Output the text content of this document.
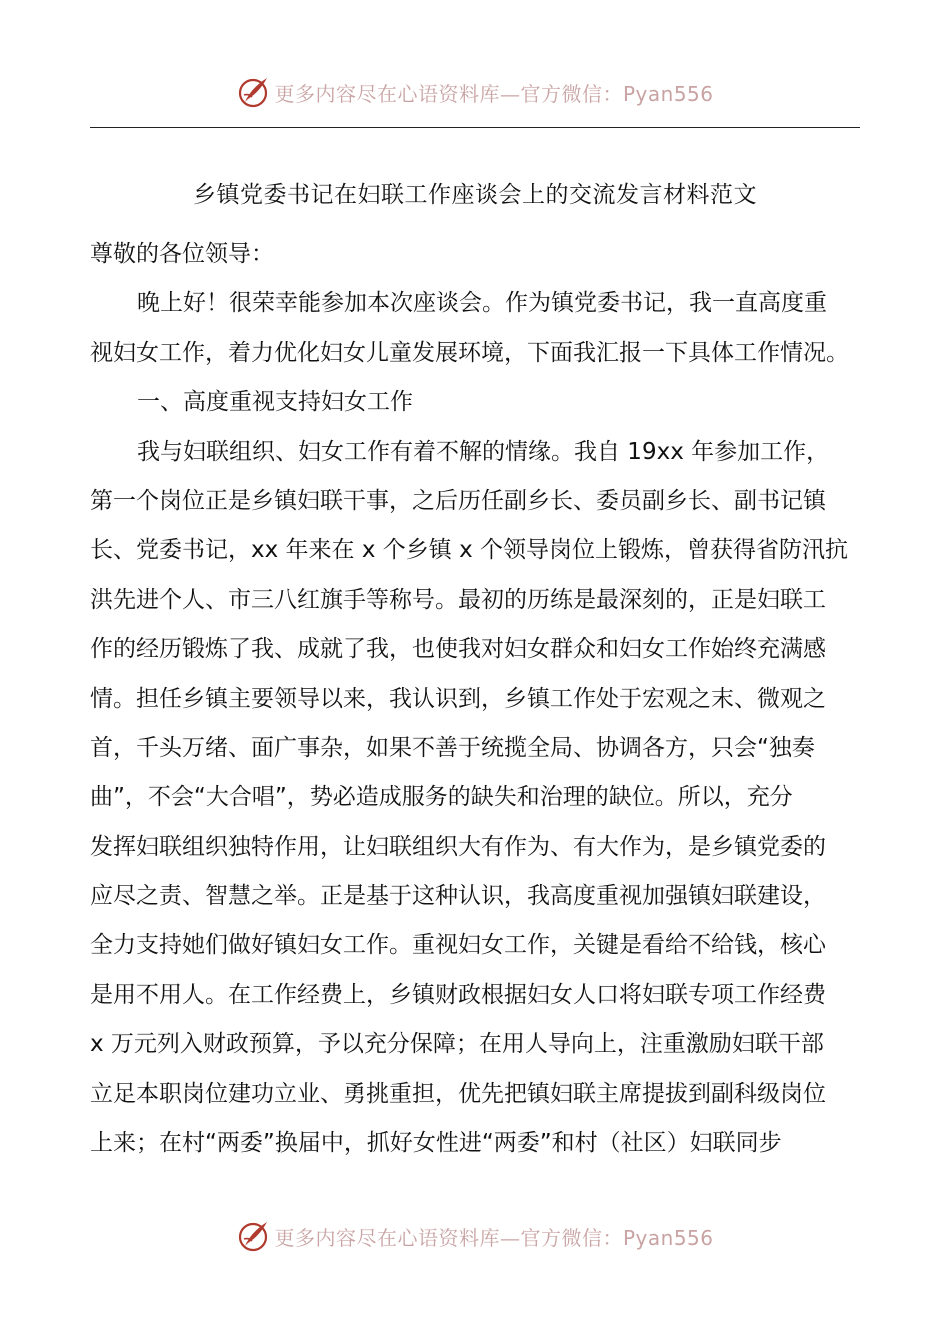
更多内容尽在心语资料库—官方微信：Pyan556
乡镇党委书记在妇联工作座谈会上的交流发言材料范文
尊敬的各位领导：
晚上好！很荣幸能参加本次座谈会。作为镇党委书记，我一直高度重
视妇女工作，着力优化妇女儿童发展环境，下面我汇报一下具体工作情况。
一、高度重视支持妇女工作
我与妇联组织、妇女工作有着不解的情缘。我自 19xx 年参加工作，
第一个岗位正是乡镇妇联干事，之后历任副乡长、委员副乡长、副书记镇
长、党委书记，xx 年来在 x 个乡镇 x 个领导岗位上锻炼，曾获得省防汛抗
洪先进个人、市三八红旗手等称号。最初的历练是最深刻的，正是妇联工
作的经历锻炼了我、成就了我，也使我对妇女群众和妇女工作始终充满感
情。担任乡镇主要领导以来，我认识到，乡镇工作处于宏观之末、微观之
首，千头万绪、面广事杂，如果不善于统揽全局、协调各方，只会“独奏
曲”，不会“大合唱”，势必造成服务的缺失和治理的缺位。所以，充分
发挥妇联组织独特作用，让妇联组织大有作为、有大作为，是乡镇党委的
应尽之责、智慧之举。正是基于这种认识，我高度重视加强镇妇联建设，
全力支持她们做好镇妇女工作。重视妇女工作，关键是看给不给钱，核心
是用不用人。在工作经费上，乡镇财政根据妇女人口将妇联专项工作经费
x 万元列入财政预算，予以充分保障；在用人导向上，注重激励妇联干部
立足本职岗位建功立业、勇挑重担，优先把镇妇联主席提拔到副科级岗位
上来；在村“两委”换届中，抓好女性进“两委”和村（社区）妇联同步
更多内容尽在心语资料库—官方微信：Pyan556
